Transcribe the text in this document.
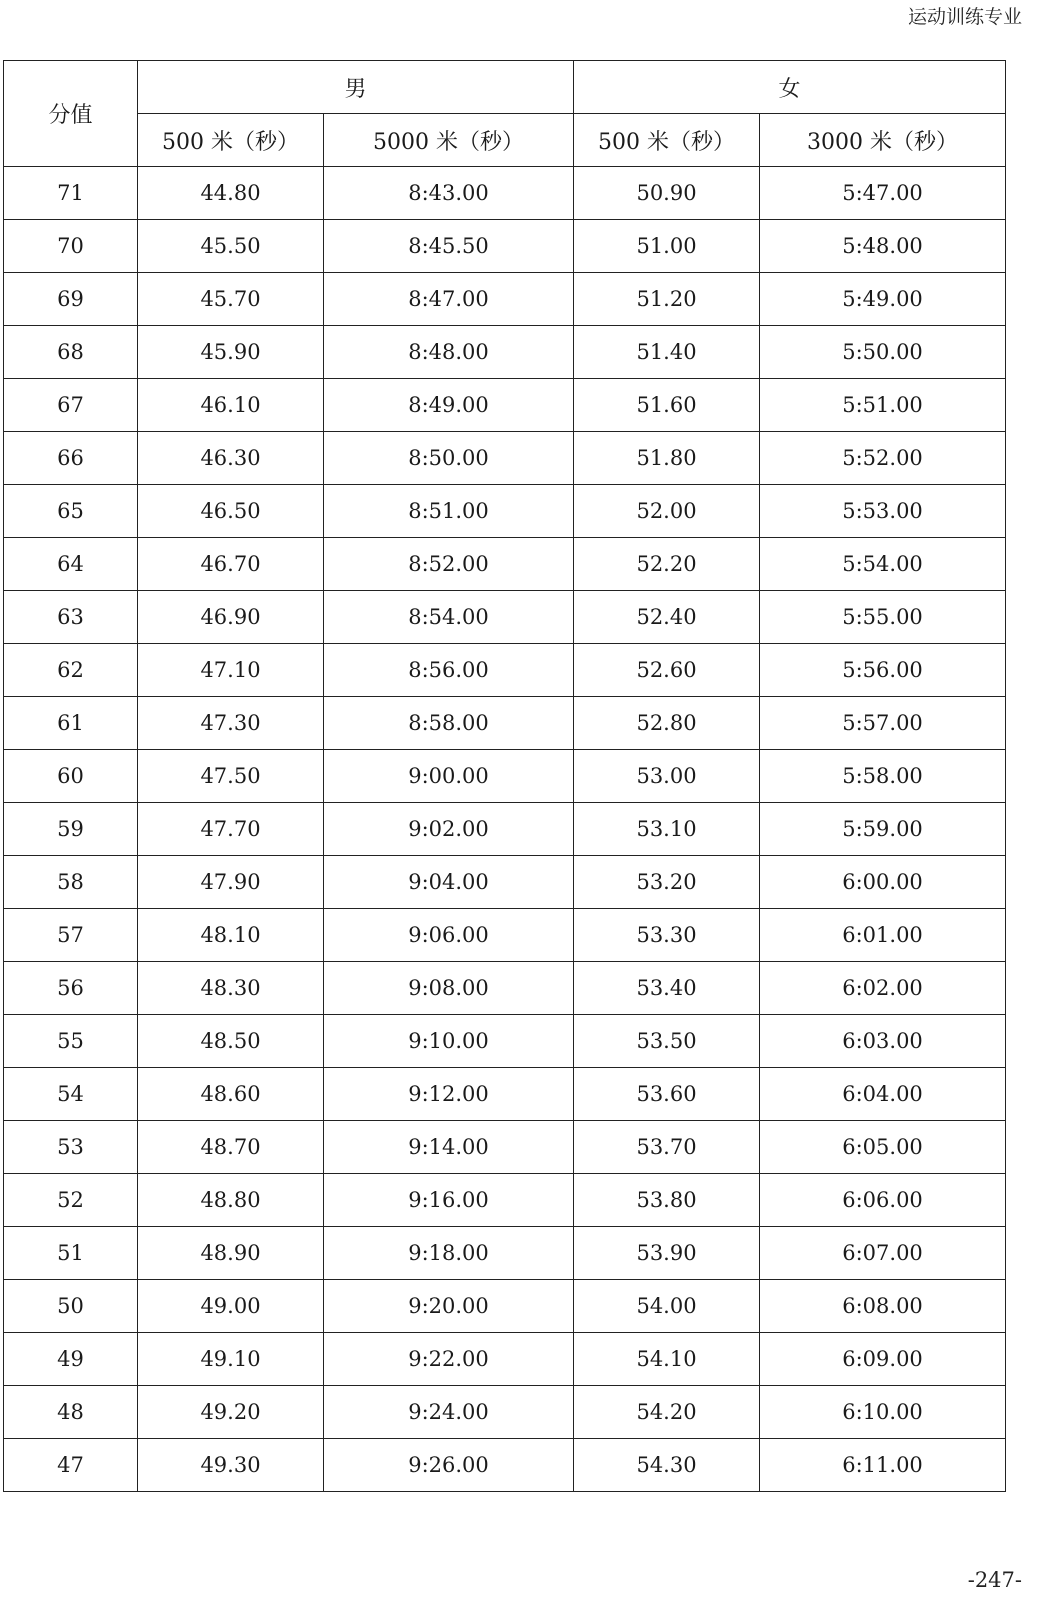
运动训练专业
分值	男		女	
	500 米（秒）	5000 米（秒）	500 米（秒）	3000 米（秒）
71	44.80	8:43.00	50.90	5:47.00
70	45.50	8:45.50	51.00	5:48.00
69	45.70	8:47.00	51.20	5:49.00
68	45.90	8:48.00	51.40	5:50.00
67	46.10	8:49.00	51.60	5:51.00
66	46.30	8:50.00	51.80	5:52.00
65	46.50	8:51.00	52.00	5:53.00
64	46.70	8:52.00	52.20	5:54.00
63	46.90	8:54.00	52.40	5:55.00
62	47.10	8:56.00	52.60	5:56.00
61	47.30	8:58.00	52.80	5:57.00
60	47.50	9:00.00	53.00	5:58.00
59	47.70	9:02.00	53.10	5:59.00
58	47.90	9:04.00	53.20	6:00.00
57	48.10	9:06.00	53.30	6:01.00
56	48.30	9:08.00	53.40	6:02.00
55	48.50	9:10.00	53.50	6:03.00
54	48.60	9:12.00	53.60	6:04.00
53	48.70	9:14.00	53.70	6:05.00
52	48.80	9:16.00	53.80	6:06.00
51	48.90	9:18.00	53.90	6:07.00
50	49.00	9:20.00	54.00	6:08.00
49	49.10	9:22.00	54.10	6:09.00
48	49.20	9:24.00	54.20	6:10.00
47	49.30	9:26.00	54.30	6:11.00
-247-
